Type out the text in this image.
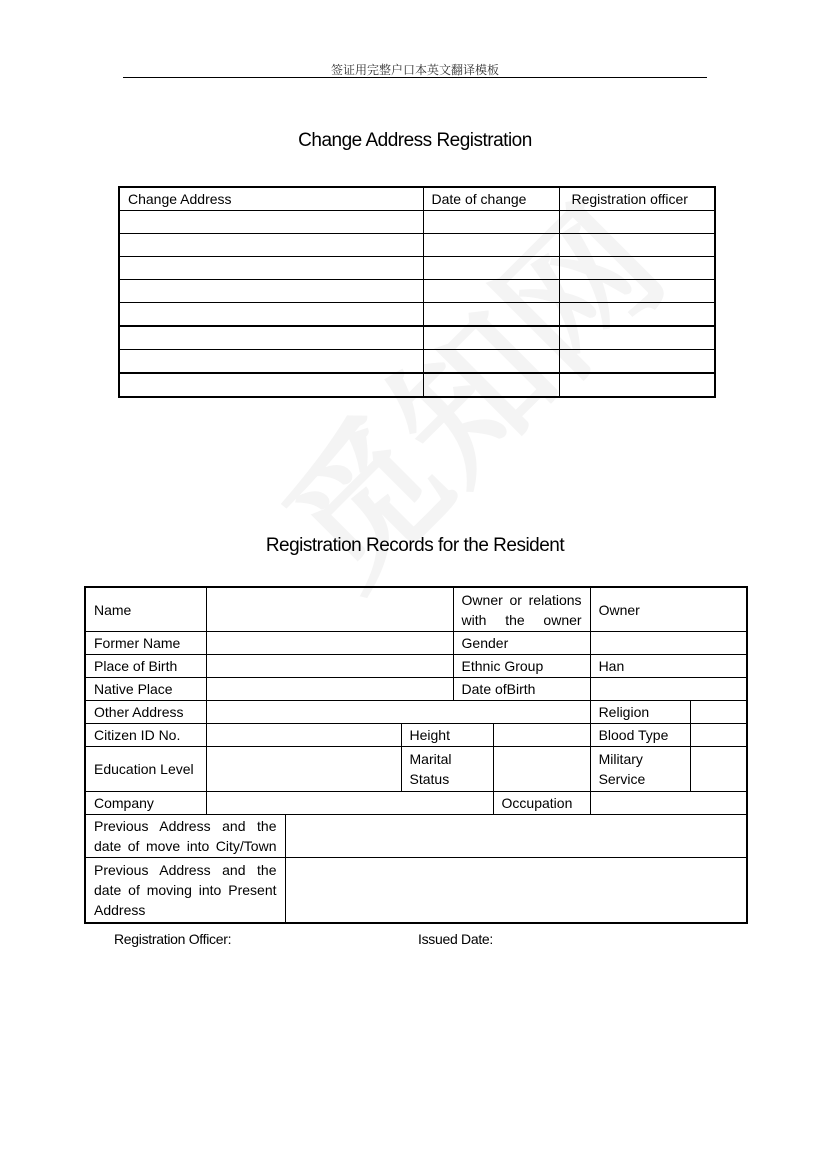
签证用完整户口本英文翻译模板
Change Address Registration
Change Address	Date of change	Registration officer

Registration Records for the Resident
Name				Owner or relations with the owner		Owner	
Former Name				Gender			
Place of Birth				Ethnic Group		Han	
Native Place				Date ofBirth			
Other Address						Religion	
Citizen ID No.			Height			Blood Type	
Education Level			Marital Status			Military Service	
Company					Occupation		
Previous Address and the date of move into City/Town							
Previous Address and the date of moving into Present Address							
Registration Officer:	Issued Date:
